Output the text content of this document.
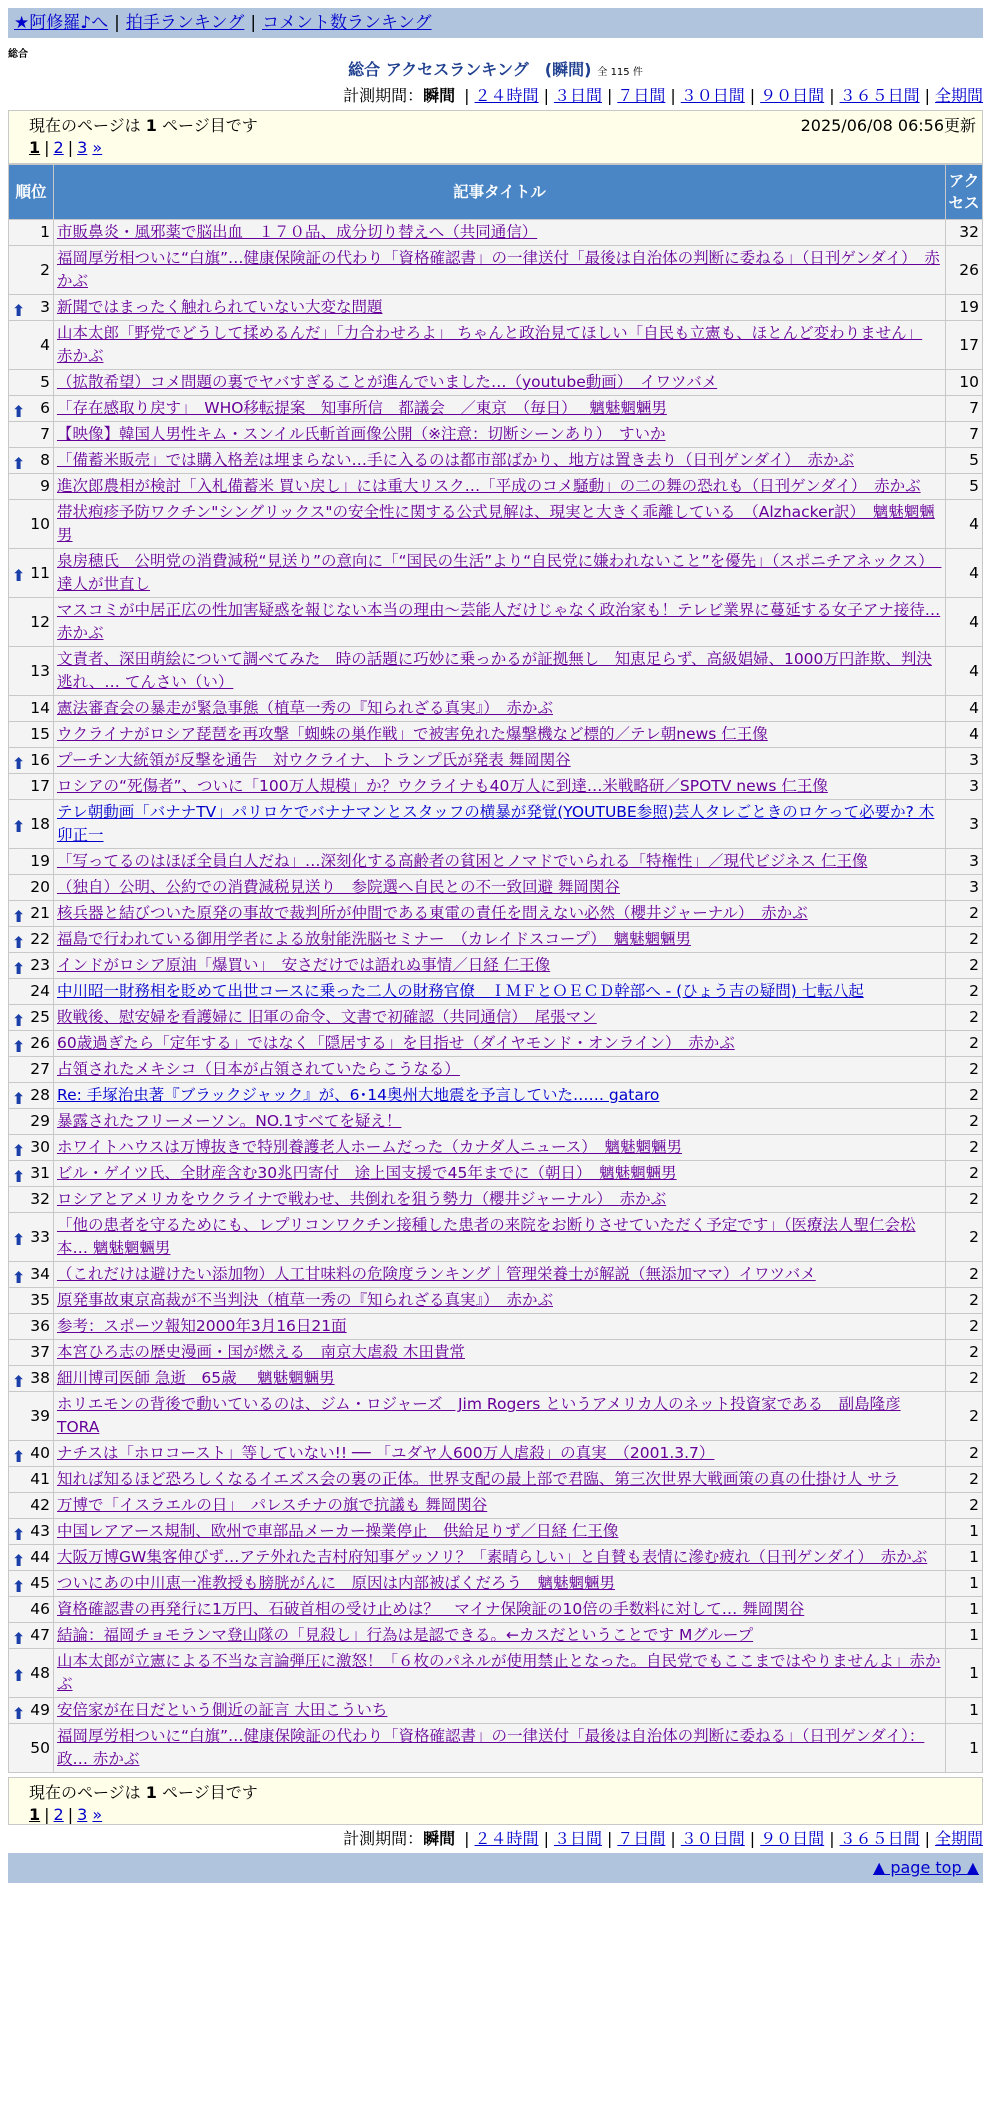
★阿修羅♪へ | 拍手ランキング | コメント数ランキング
総合
総合 アクセスランキング　(瞬間) 全 115 件
計測期間：瞬間 | ２４時間 | ３日間 | ７日間 | ３０日間 | ９０日間 | ３６５日間 | 全期間
現在のページは 1 ページ目です	2025/06/08 06:56更新
1 | 2 | 3 »
順位	記事タイトル	アクセス
1	市販鼻炎・風邪薬で脳出血　１７０品、成分切り替えへ（共同通信）	32
2	福岡厚労相ついに“白旗”…健康保険証の代わり「資格確認書」の一律送付「最後は自治体の判断に委ねる」（日刊ゲンダイ）　赤かぶ	26

⬆ 3	新聞ではまったく触れられていない大変な問題	19
4	山本太郎「野党でどうして揉めるんだ」「力合わせろよ」 ちゃんと政治見てほしい「自民も立憲も、ほとんど変わりません」 赤かぶ	17
5	（拡散希望）コメ問題の裏でヤバすぎることが進んでいました…（youtube動画）　イワツバメ	10

⬆ 6	「存在感取り戻す」　WHO移転提案　知事所信　都議会　／東京　（毎日）　 魑魅魍魎男	7
7	【映像】韓国人男性キム・スンイル氏斬首画像公開（※注意：切断シーンあり）　すいか	7

⬆ 8	「備蓄米販売」では購入格差は埋まらない…手に入るのは都市部ばかり、地方は置き去り（日刊ゲンダイ）　赤かぶ	5
9	進次郎農相が検討「入札備蓄米 買い戻し」には重大リスク…「平成のコメ騒動」の二の舞の恐れも（日刊ゲンダイ）　赤かぶ	5
10	帯状疱疹予防ワクチン"シングリックス"の安全性に関する公式見解は、現実と大きく乖離している　（Alzhacker訳）　魑魅魍魎男	4

⬆ 11	泉房穂氏　公明党の消費減税“見送り”の意向に「“国民の生活”より“自民党に嫌われないこと”を優先」（スポニチアネックス）　達人が世直し	4
12	マスコミが中居正広の性加害疑惑を報じない本当の理由〜芸能人だけじゃなく政治家も！テレビ業界に蔓延する女子アナ接待… 赤かぶ	4
13	文責者、深田萌絵について調べてみた　時の話題に巧妙に乗っかるが証拠無し　知恵足らず、高級娼婦、1000万円詐欺、判決逃れ、… てんさい（い）	4
14	憲法審査会の暴走が緊急事態（植草一秀の『知られざる真実』）　赤かぶ	4
15	ウクライナがロシア琵琶を再攻撃「蜘蛛の巣作戦」で被害免れた爆撃機など標的／テレ朝news 仁王像	4

⬆ 16	プーチン大統領が反撃を通告　対ウクライナ、トランプ氏が発表 舞岡関谷	3
17	ロシアの“死傷者”、ついに「100万人規模」か？ウクライナも40万人に到達…米戦略研／SPOTV news 仁王像	3

⬆ 18	テレ朝動画「バナナTV」パリロケでバナナマンとスタッフの横暴が発覚(YOUTUBE参照)芸人タレごときのロケって必要か? 木卯正一	3
19	「写ってるのはほぼ全員白人だね」…深刻化する高齢者の貧困とノマドでいられる「特権性」／現代ビジネス 仁王像	3
20	（独自）公明、公約での消費減税見送り　参院選へ自民との不一致回避 舞岡関谷	3

⬆ 21	核兵器と結びついた原発の事故で裁判所が仲間である東電の責任を問えない必然（櫻井ジャーナル）　赤かぶ	2

⬆ 22	福島で行われている御用学者による放射能洗脳セミナー　（カレイドスコープ）　魑魅魍魎男	2

⬆ 23	インドがロシア原油「爆買い」　安さだけでは語れぬ事情／日経 仁王像	2
24	中川昭一財務相を貶めて出世コースに乗った二人の財務官僚　ＩＭＦとＯＥＣＤ幹部へ - (ひょう吉の疑問) 七転八起	2

⬆ 25	敗戦後、慰安婦を看護婦に 旧軍の命令、文書で初確認（共同通信）　尾張マン	2

⬆ 26	60歳過ぎたら「定年する」ではなく「隠居する」を目指せ（ダイヤモンド・オンライン）　赤かぶ	2
27	占領されたメキシコ（日本が占領されていたらこうなる）	2

⬆ 28	Re: 手塚治虫著『ブラックジャック』が、6･14奥州大地震を予言していた…… gataro	2
29	暴露されたフリーメーソン。NO.1すべてを疑え！	2

⬆ 30	ホワイトハウスは万博抜きで特別養護老人ホームだった（カナダ人ニュース）　魑魅魍魎男	2

⬆ 31	ビル・ゲイツ氏、全財産含む30兆円寄付　途上国支援で45年までに（朝日）　魑魅魍魎男	2
32	ロシアとアメリカをウクライナで戦わせ、共倒れを狙う勢力（櫻井ジャーナル）　赤かぶ	2

⬆ 33	「他の患者を守るためにも、レプリコンワクチン接種した患者の来院をお断りさせていただく予定です」（医療法人聖仁会松本… 魑魅魍魎男	2

⬆ 34	（これだけは避けたい添加物）人工甘味料の危険度ランキング｜管理栄養士が解説（無添加ママ）イワツバメ	2
35	原発事故東京高裁が不当判決（植草一秀の『知られざる真実』）　赤かぶ	2
36	参考：スポーツ報知2000年3月16日21面	2
37	本宮ひろ志の歴史漫画・国が燃える　南京大虐殺 木田貴常	2

⬆ 38	細川博司医師 急逝　65歳　 魑魅魍魎男	2
39	ホリエモンの背後で動いているのは、ジム・ロジャーズ　Jim Rogers というアメリカ人のネット投資家である　副島隆彦 TORA	2

⬆ 40	ナチスは「ホロコースト」等していない!! ── 「ユダヤ人600万人虐殺」の真実　（2001.3.7）	2
41	知れば知るほど恐ろしくなるイエズス会の裏の正体。世界支配の最上部で君臨、第三次世界大戦画策の真の仕掛け人 サラ	2
42	万博で「イスラエルの日」　パレスチナの旗で抗議も 舞岡関谷	2

⬆ 43	中国レアアース規制、欧州で車部品メーカー操業停止　供給足りず／日経 仁王像	1

⬆ 44	大阪万博GW集客伸びず…アテ外れた吉村府知事ゲッソリ？「素晴らしい」と自賛も表情に滲む疲れ（日刊ゲンダイ）　赤かぶ	1

⬆ 45	ついにあの中川恵一准教授も膀胱がんに　原因は内部被ばくだろう　魑魅魍魎男	1
46	資格確認書の再発行に1万円、石破首相の受け止めは？　マイナ保険証の10倍の手数料に対して… 舞岡関谷	1

⬆ 47	結論：福岡チョモランマ登山隊の「見殺し」行為は是認できる。←カスだということです Mグループ	1

⬆ 48	山本太郎が立憲による不当な言論弾圧に激怒！「６枚のパネルが使用禁止となった。自民党でもここまではやりませんよ」赤かぶ	1

⬆ 49	安倍家が在日だという側近の証言 大田こういち	1
50	福岡厚労相ついに“白旗”…健康保険証の代わり「資格確認書」の一律送付「最後は自治体の判断に委ねる」（日刊ゲンダイ）：政… 赤かぶ	1
現在のページは 1 ページ目です
1 | 2 | 3 »
計測期間：瞬間 | ２４時間 | ３日間 | ７日間 | ３０日間 | ９０日間 | ３６５日間 | 全期間
▲ page top ▲
